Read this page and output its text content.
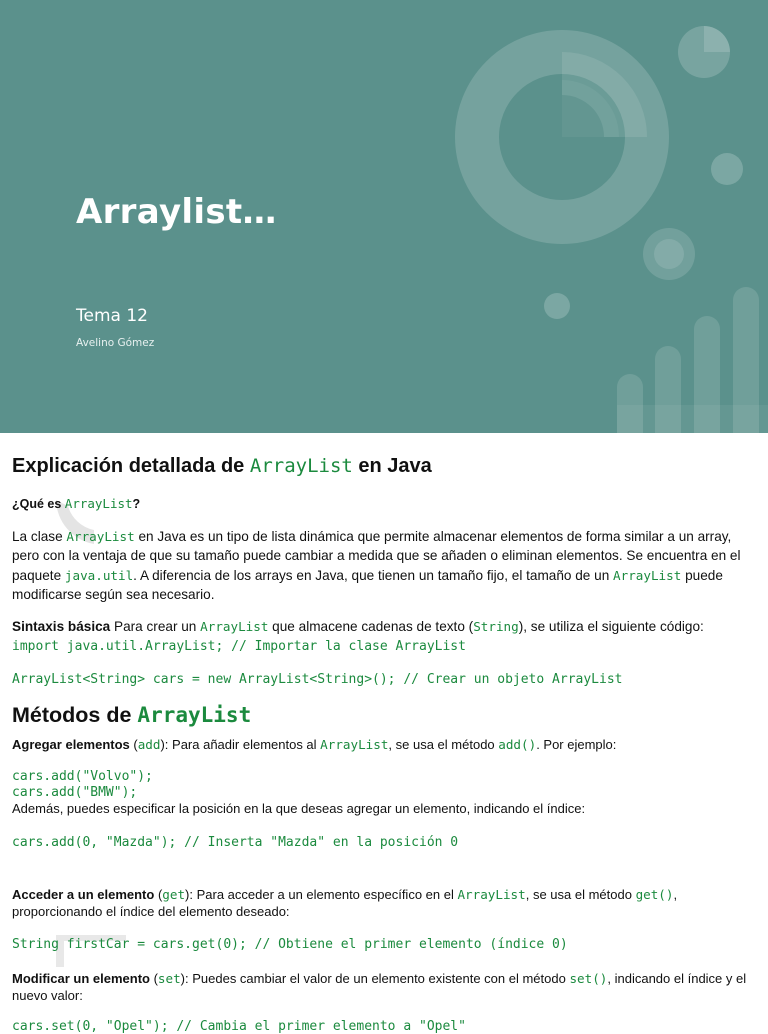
Arraylist…
Tema 12
Avelino Gómez
Explicación detallada de ArrayList en Java
¿Qué es ArrayList?
La clase ArrayList en Java es un tipo de lista dinámica que permite almacenar elementos de forma similar a un array, pero con la ventaja de que su tamaño puede cambiar a medida que se añaden o eliminan elementos. Se encuentra en el paquete java.util. A diferencia de los arrays en Java, que tienen un tamaño fijo, el tamaño de un ArrayList puede modificarse según sea necesario.
Sintaxis básica Para crear un ArrayList que almacene cadenas de texto (String), se utiliza el siguiente código:
import java.util.ArrayList; // Importar la clase ArrayList
ArrayList<String> cars = new ArrayList<String>(); // Crear un objeto ArrayList
Métodos de ArrayList
Agregar elementos (add): Para añadir elementos al ArrayList, se usa el método add(). Por ejemplo:
cars.add("Volvo");
cars.add("BMW");
Además, puedes especificar la posición en la que deseas agregar un elemento, indicando el índice:
cars.add(0, "Mazda"); // Inserta "Mazda" en la posición 0
Acceder a un elemento (get): Para acceder a un elemento específico en el ArrayList, se usa el método get(), proporcionando el índice del elemento deseado:
String firstCar = cars.get(0); // Obtiene el primer elemento (índice 0)
Modificar un elemento (set): Puedes cambiar el valor de un elemento existente con el método set(), indicando el índice y el nuevo valor:
cars.set(0, "Opel"); // Cambia el primer elemento a "Opel"
